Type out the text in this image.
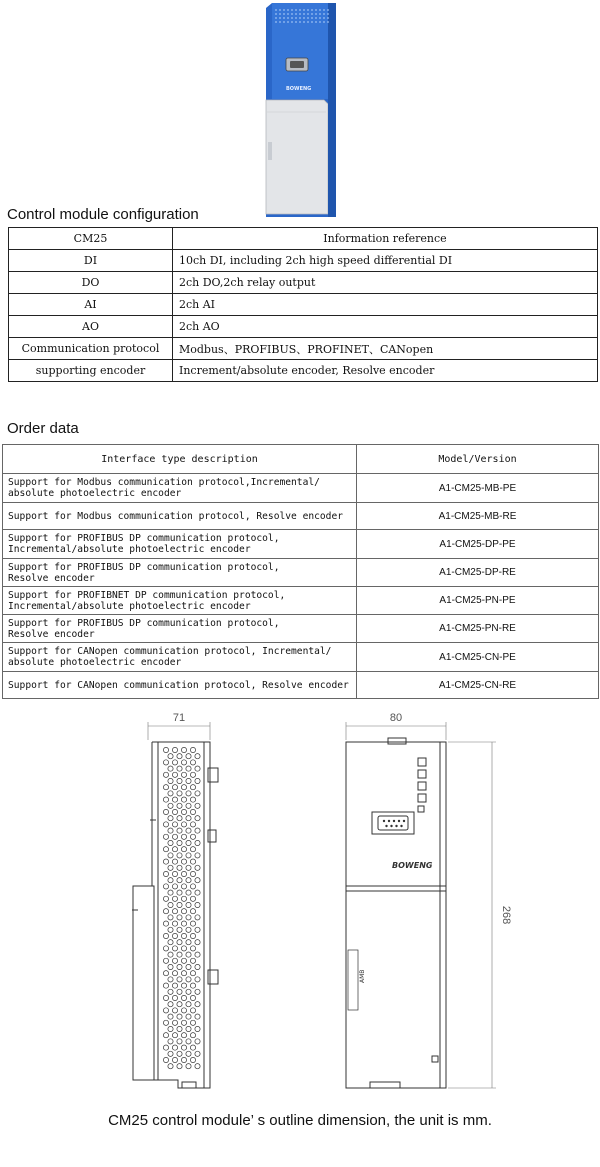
BOWENG
Control module configuration
CM25	Information reference
DI	10ch DI, including 2ch high speed differential DI
DO	2ch DO,2ch relay output
AI	2ch AI
AO	2ch AO
Communication protocol	Modbus、PROFIBUS、PROFINET、CANopen
supporting encoder	Increment/absolute encoder, Resolve encoder
Order data
Interface type description	Model/Version

Support for Modbus communication protocol,Incremental/
absolute photoelectric encoder	A1-CM25-MB-PE

Support for Modbus communication protocol, Resolve encoder	A1-CM25-MB-RE

Support for PROFIBUS DP communication protocol,
Incremental/absolute photoelectric encoder	A1-CM25-DP-PE

Support for PROFIBUS DP communication protocol,
Resolve encoder	A1-CM25-DP-RE

Support for PROFIBNET DP communication protocol,
Incremental/absolute photoelectric encoder	A1-CM25-PN-PE

Support for PROFIBUS DP communication protocol,
Resolve encoder	A1-CM25-PN-RE

Support for CANopen communication protocol, Incremental/
absolute photoelectric encoder	A1-CM25-CN-PE

Support for CANopen communication protocol, Resolve encoder	A1-CM25-CN-RE
71	80
268
BOWENG
AMB
CM25 control module’ s outline dimension, the unit is mm.
